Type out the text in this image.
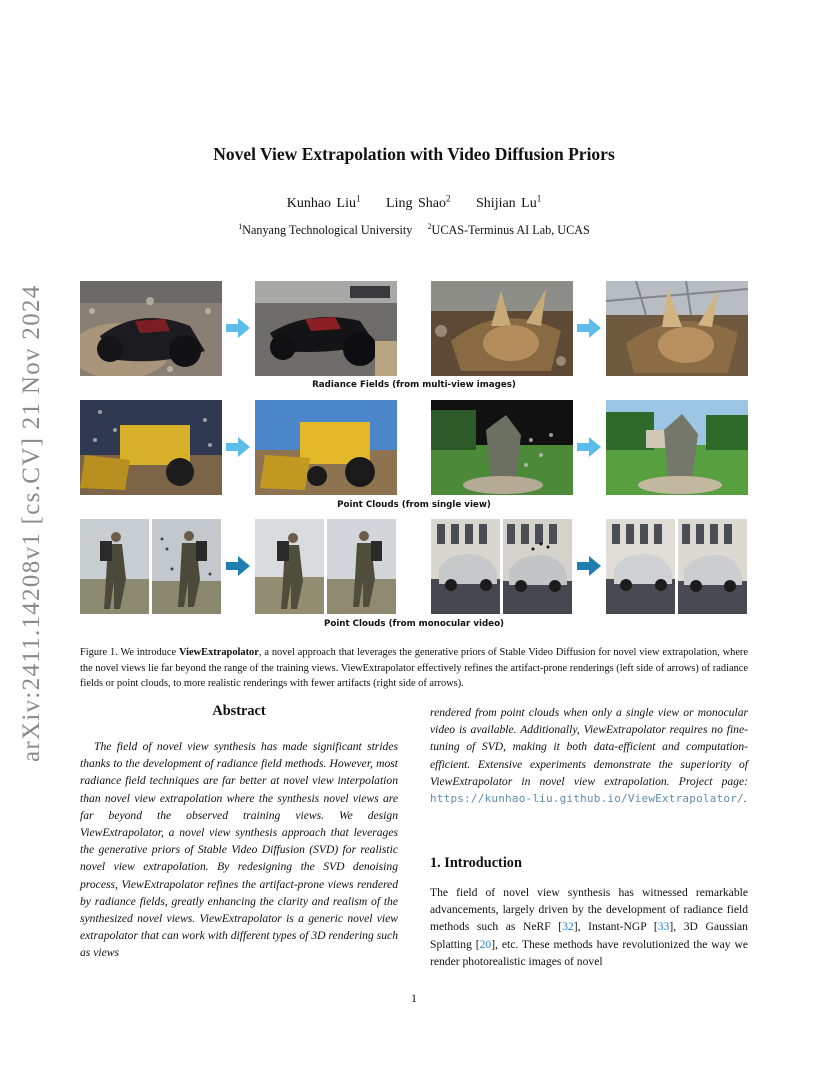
arXiv:2411.14208v1 [cs.CV] 21 Nov 2024
Novel View Extrapolation with Video Diffusion Priors
Kunhao Liu$^1$ Ling Shao$^2$ Shijian Lu$^1$
$^1$Nanyang Technological University $^2$UCAS-Terminus AI Lab, UCAS
Radiance Fields (from multi-view images)
Point Clouds (from single view)
Point Clouds (from monocular video)
Figure 1. We introduce ViewExtrapolator, a novel approach that leverages the generative priors of Stable Video Diffusion for novel view extrapolation, where the novel views lie far beyond the range of the training views. ViewExtrapolator effectively refines the artifact-prone renderings (left side of arrows) of radiance fields or point clouds, to more realistic renderings with fewer artifacts (right side of arrows).
Abstract
The field of novel view synthesis has made significant strides thanks to the development of radiance field methods. However, most radiance field techniques are far better at novel view interpolation than novel view extrapolation where the synthesis novel views are far beyond the observed training views. We design ViewExtrapolator, a novel view synthesis approach that leverages the generative priors of Stable Video Diffusion (SVD) for realistic novel view extrapolation. By redesigning the SVD denoising process, ViewExtrapolator refines the artifact-prone views rendered by radiance fields, greatly enhancing the clarity and realism of the synthesized novel views. ViewExtrapolator is a generic novel view extrapolator that can work with different types of 3D rendering such as views
rendered from point clouds when only a single view or monocular video is available. Additionally, ViewExtrapolator requires no fine-tuning of SVD, making it both data-efficient and computation-efficient. Extensive experiments demonstrate the superiority of ViewExtrapolator in novel view extrapolation. Project page: https://kunhao-liu.github.io/ViewExtrapolator/.
1. Introduction
The field of novel view synthesis has witnessed remarkable advancements, largely driven by the development of radiance field methods such as NeRF [32], Instant-NGP [33], 3D Gaussian Splatting [20], etc. These methods have revolutionized the way we render photorealistic images of novel
1
